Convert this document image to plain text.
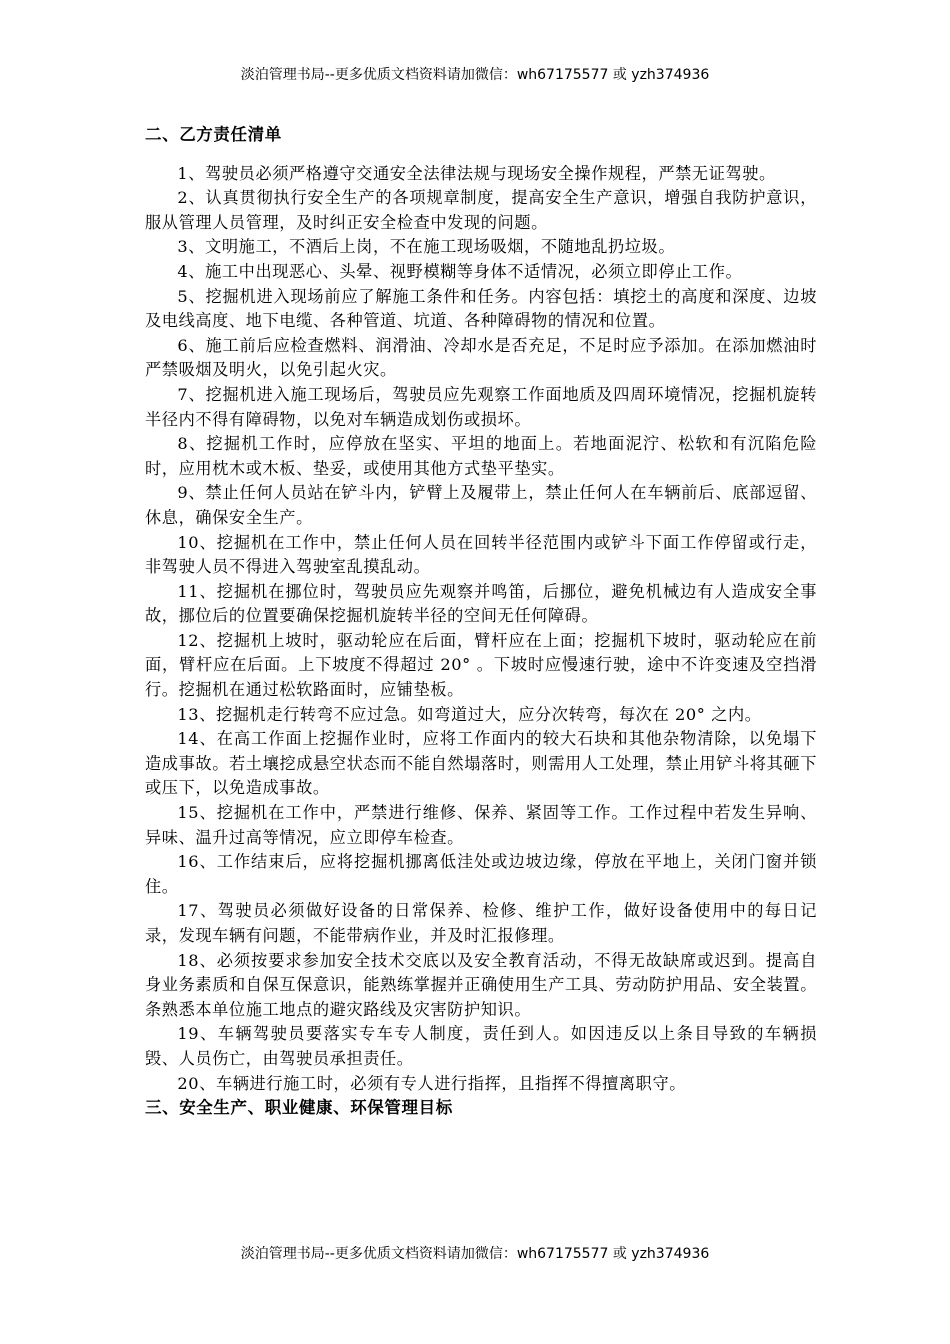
淡泊管理书局--更多优质文档资料请加微信：wh67175577 或 yzh374936
二、乙方责任清单

1、驾驶员必须严格遵守交通安全法律法规与现场安全操作规程，严禁无证驾驶。

2、认真贯彻执行安全生产的各项规章制度，提高安全生产意识，增强自我防护意识，服从管理人员管理，及时纠正安全检查中发现的问题。

3、文明施工，不酒后上岗，不在施工现场吸烟，不随地乱扔垃圾。

4、施工中出现恶心、头晕、视野模糊等身体不适情况，必须立即停止工作。

5、挖掘机进入现场前应了解施工条件和任务。内容包括：填挖土的高度和深度、边坡及电线高度、地下电缆、各种管道、坑道、各种障碍物的情况和位置。

6、施工前后应检查燃料、润滑油、冷却水是否充足，不足时应予添加。在添加燃油时严禁吸烟及明火，以免引起火灾。

7、挖掘机进入施工现场后，驾驶员应先观察工作面地质及四周环境情况，挖掘机旋转半径内不得有障碍物，以免对车辆造成划伤或损坏。

8、挖掘机工作时，应停放在坚实、平坦的地面上。若地面泥泞、松软和有沉陷危险时，应用枕木或木板、垫妥，或使用其他方式垫平垫实。

9、禁止任何人员站在铲斗内，铲臂上及履带上，禁止任何人在车辆前后、底部逗留、休息，确保安全生产。

10、挖掘机在工作中，禁止任何人员在回转半径范围内或铲斗下面工作停留或行走，非驾驶人员不得进入驾驶室乱摸乱动。

11、挖掘机在挪位时，驾驶员应先观察并鸣笛，后挪位，避免机械边有人造成安全事故，挪位后的位置要确保挖掘机旋转半径的空间无任何障碍。

12、挖掘机上坡时，驱动轮应在后面，臂杆应在上面；挖掘机下坡时，驱动轮应在前面，臂杆应在后面。上下坡度不得超过 20° 。下坡时应慢速行驶，途中不许变速及空挡滑行。挖掘机在通过松软路面时，应铺垫板。

13、挖掘机走行转弯不应过急。如弯道过大，应分次转弯，每次在 20° 之内。

14、在高工作面上挖掘作业时，应将工作面内的较大石块和其他杂物清除，以免塌下造成事故。若土壤挖成悬空状态而不能自然塌落时，则需用人工处理，禁止用铲斗将其砸下或压下，以免造成事故。

15、挖掘机在工作中，严禁进行维修、保养、紧固等工作。工作过程中若发生异响、异味、温升过高等情况，应立即停车检查。

16、工作结束后，应将挖掘机挪离低洼处或边坡边缘，停放在平地上，关闭门窗并锁住。

17、驾驶员必须做好设备的日常保养、检修、维护工作，做好设备使用中的每日记录，发现车辆有问题，不能带病作业，并及时汇报修理。

18、必须按要求参加安全技术交底以及安全教育活动，不得无故缺席或迟到。提高自身业务素质和自保互保意识，能熟练掌握并正确使用生产工具、劳动防护用品、安全装置。条熟悉本单位施工地点的避灾路线及灾害防护知识。

19、车辆驾驶员要落实专车专人制度，责任到人。如因违反以上条目导致的车辆损毁、人员伤亡，由驾驶员承担责任。

20、车辆进行施工时，必须有专人进行指挥，且指挥不得擅离职守。

三、安全生产、职业健康、环保管理目标
淡泊管理书局--更多优质文档资料请加微信：wh67175577 或 yzh374936
